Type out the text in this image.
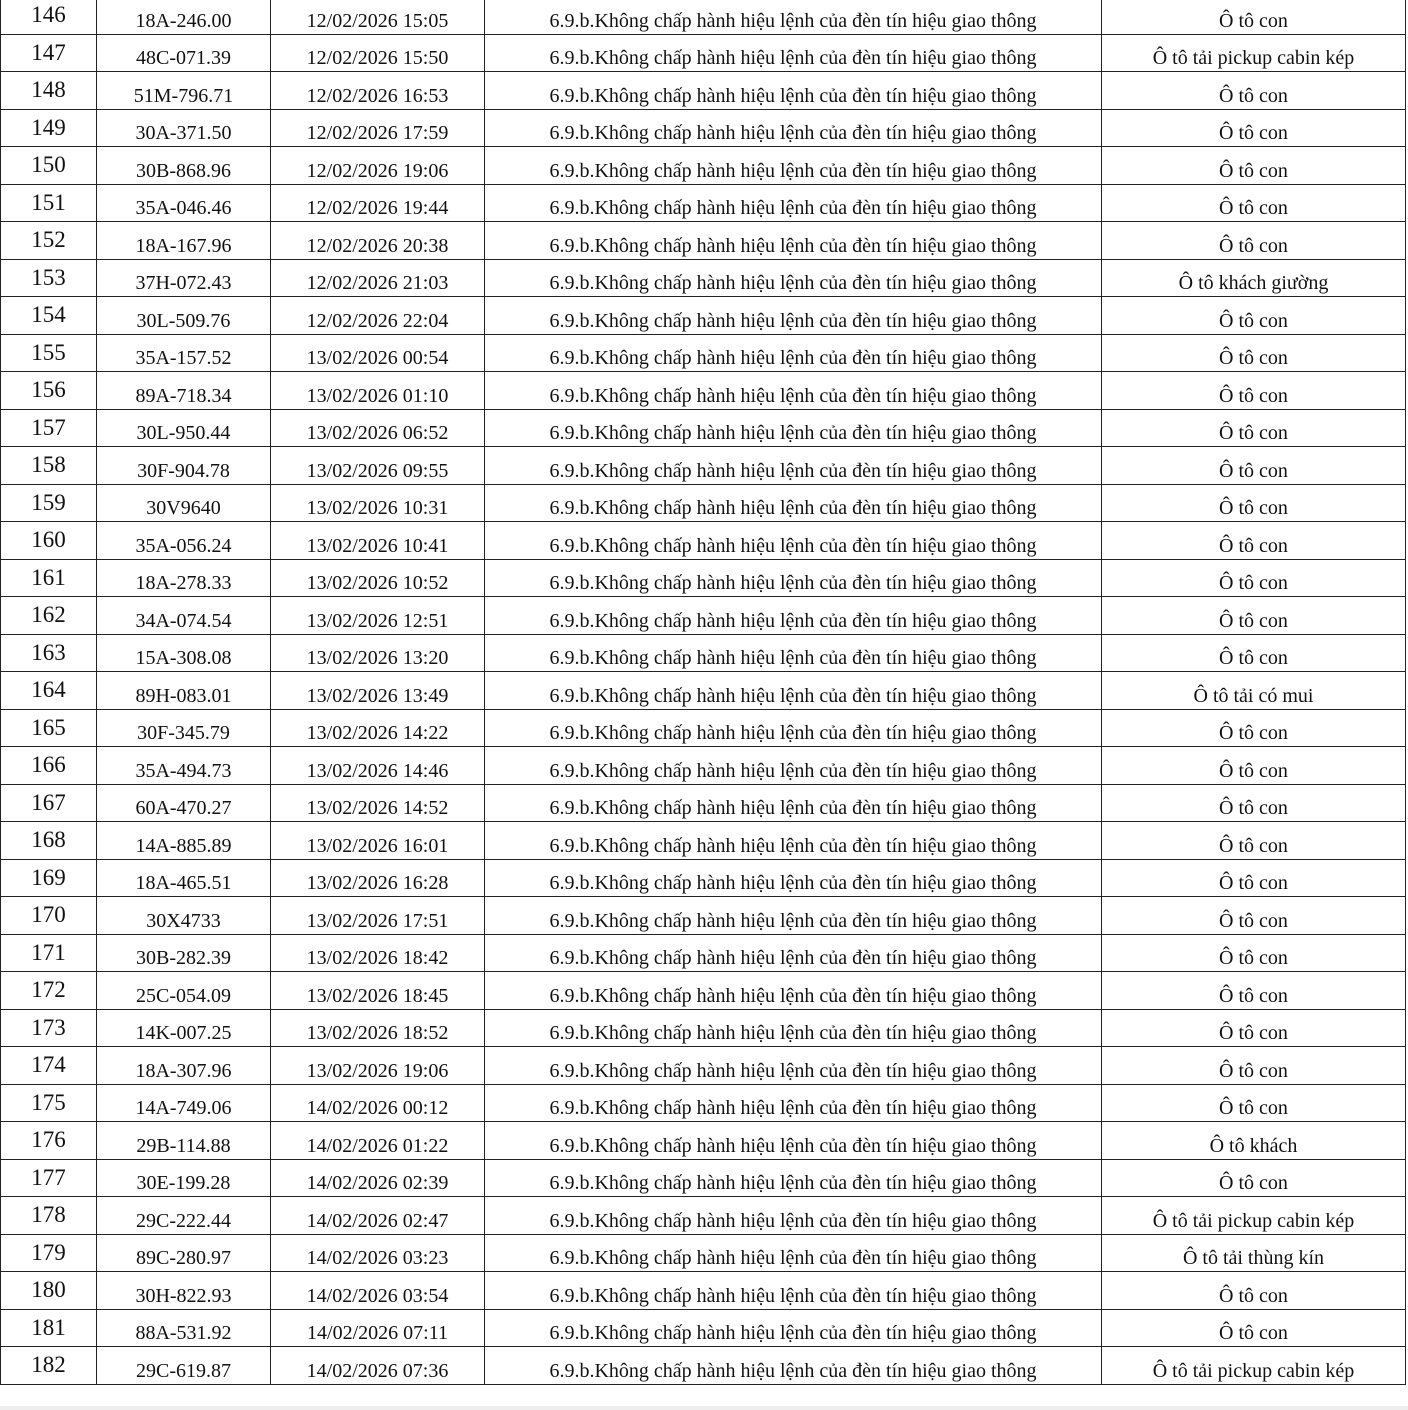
146	18A-246.00	12/02/2026 15:05	6.9.b.Không chấp hành hiệu lệnh của đèn tín hiệu giao thông	Ô tô con
147	48C-071.39	12/02/2026 15:50	6.9.b.Không chấp hành hiệu lệnh của đèn tín hiệu giao thông	Ô tô tải pickup cabin kép
148	51M-796.71	12/02/2026 16:53	6.9.b.Không chấp hành hiệu lệnh của đèn tín hiệu giao thông	Ô tô con
149	30A-371.50	12/02/2026 17:59	6.9.b.Không chấp hành hiệu lệnh của đèn tín hiệu giao thông	Ô tô con
150	30B-868.96	12/02/2026 19:06	6.9.b.Không chấp hành hiệu lệnh của đèn tín hiệu giao thông	Ô tô con
151	35A-046.46	12/02/2026 19:44	6.9.b.Không chấp hành hiệu lệnh của đèn tín hiệu giao thông	Ô tô con
152	18A-167.96	12/02/2026 20:38	6.9.b.Không chấp hành hiệu lệnh của đèn tín hiệu giao thông	Ô tô con
153	37H-072.43	12/02/2026 21:03	6.9.b.Không chấp hành hiệu lệnh của đèn tín hiệu giao thông	Ô tô khách giường
154	30L-509.76	12/02/2026 22:04	6.9.b.Không chấp hành hiệu lệnh của đèn tín hiệu giao thông	Ô tô con
155	35A-157.52	13/02/2026 00:54	6.9.b.Không chấp hành hiệu lệnh của đèn tín hiệu giao thông	Ô tô con
156	89A-718.34	13/02/2026 01:10	6.9.b.Không chấp hành hiệu lệnh của đèn tín hiệu giao thông	Ô tô con
157	30L-950.44	13/02/2026 06:52	6.9.b.Không chấp hành hiệu lệnh của đèn tín hiệu giao thông	Ô tô con
158	30F-904.78	13/02/2026 09:55	6.9.b.Không chấp hành hiệu lệnh của đèn tín hiệu giao thông	Ô tô con
159	30V9640	13/02/2026 10:31	6.9.b.Không chấp hành hiệu lệnh của đèn tín hiệu giao thông	Ô tô con
160	35A-056.24	13/02/2026 10:41	6.9.b.Không chấp hành hiệu lệnh của đèn tín hiệu giao thông	Ô tô con
161	18A-278.33	13/02/2026 10:52	6.9.b.Không chấp hành hiệu lệnh của đèn tín hiệu giao thông	Ô tô con
162	34A-074.54	13/02/2026 12:51	6.9.b.Không chấp hành hiệu lệnh của đèn tín hiệu giao thông	Ô tô con
163	15A-308.08	13/02/2026 13:20	6.9.b.Không chấp hành hiệu lệnh của đèn tín hiệu giao thông	Ô tô con
164	89H-083.01	13/02/2026 13:49	6.9.b.Không chấp hành hiệu lệnh của đèn tín hiệu giao thông	Ô tô tải có mui
165	30F-345.79	13/02/2026 14:22	6.9.b.Không chấp hành hiệu lệnh của đèn tín hiệu giao thông	Ô tô con
166	35A-494.73	13/02/2026 14:46	6.9.b.Không chấp hành hiệu lệnh của đèn tín hiệu giao thông	Ô tô con
167	60A-470.27	13/02/2026 14:52	6.9.b.Không chấp hành hiệu lệnh của đèn tín hiệu giao thông	Ô tô con
168	14A-885.89	13/02/2026 16:01	6.9.b.Không chấp hành hiệu lệnh của đèn tín hiệu giao thông	Ô tô con
169	18A-465.51	13/02/2026 16:28	6.9.b.Không chấp hành hiệu lệnh của đèn tín hiệu giao thông	Ô tô con
170	30X4733	13/02/2026 17:51	6.9.b.Không chấp hành hiệu lệnh của đèn tín hiệu giao thông	Ô tô con
171	30B-282.39	13/02/2026 18:42	6.9.b.Không chấp hành hiệu lệnh của đèn tín hiệu giao thông	Ô tô con
172	25C-054.09	13/02/2026 18:45	6.9.b.Không chấp hành hiệu lệnh của đèn tín hiệu giao thông	Ô tô con
173	14K-007.25	13/02/2026 18:52	6.9.b.Không chấp hành hiệu lệnh của đèn tín hiệu giao thông	Ô tô con
174	18A-307.96	13/02/2026 19:06	6.9.b.Không chấp hành hiệu lệnh của đèn tín hiệu giao thông	Ô tô con
175	14A-749.06	14/02/2026 00:12	6.9.b.Không chấp hành hiệu lệnh của đèn tín hiệu giao thông	Ô tô con
176	29B-114.88	14/02/2026 01:22	6.9.b.Không chấp hành hiệu lệnh của đèn tín hiệu giao thông	Ô tô khách
177	30E-199.28	14/02/2026 02:39	6.9.b.Không chấp hành hiệu lệnh của đèn tín hiệu giao thông	Ô tô con
178	29C-222.44	14/02/2026 02:47	6.9.b.Không chấp hành hiệu lệnh của đèn tín hiệu giao thông	Ô tô tải pickup cabin kép
179	89C-280.97	14/02/2026 03:23	6.9.b.Không chấp hành hiệu lệnh của đèn tín hiệu giao thông	Ô tô tải thùng kín
180	30H-822.93	14/02/2026 03:54	6.9.b.Không chấp hành hiệu lệnh của đèn tín hiệu giao thông	Ô tô con
181	88A-531.92	14/02/2026 07:11	6.9.b.Không chấp hành hiệu lệnh của đèn tín hiệu giao thông	Ô tô con
182	29C-619.87	14/02/2026 07:36	6.9.b.Không chấp hành hiệu lệnh của đèn tín hiệu giao thông	Ô tô tải pickup cabin kép
